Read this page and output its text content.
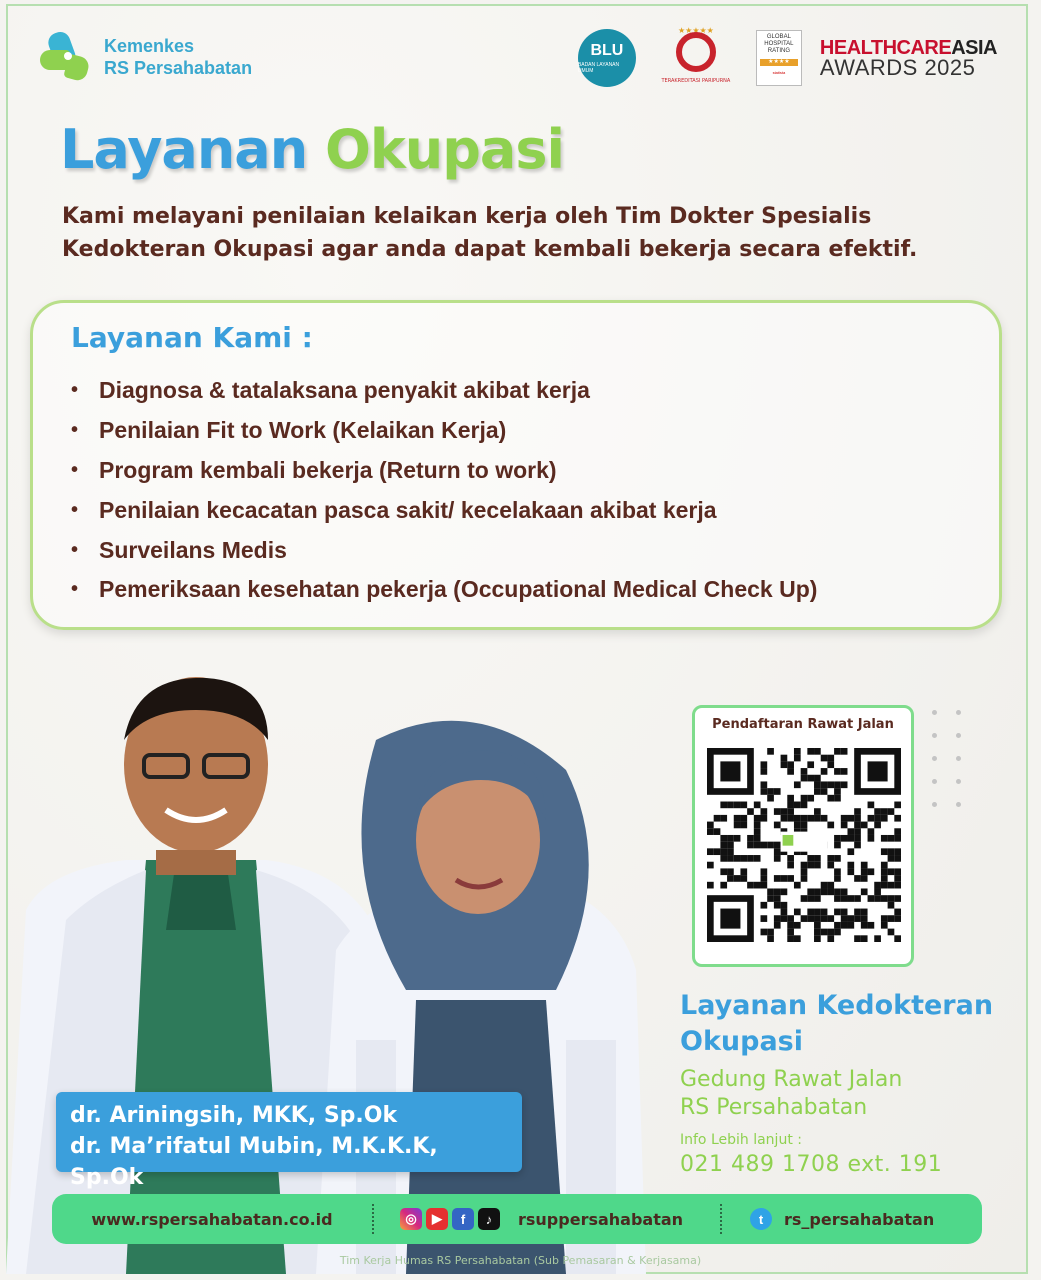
Kemenkes
RS Persahabatan
BLU
BADAN LAYANAN UMUM
★★★★★
TERAKREDITASI PARIPURNA
GLOBAL
HOSPITAL
RATING
★★★★
statista
HEALTHCAREASIA
AWARDS 2025
Layanan Okupasi
Kami melayani penilaian kelaikan kerja oleh Tim Dokter Spesialis Kedokteran Okupasi agar anda dapat kembali bekerja secara efektif.
Layanan Kami :
• Diagnosa & tatalaksana penyakit akibat kerja
• Penilaian Fit to Work (Kelaikan Kerja)
• Program kembali bekerja (Return to work)
• Penilaian kecacatan pasca sakit/ kecelakaan akibat kerja
• Surveilans Medis
• Pemeriksaan kesehatan pekerja (Occupational Medical Check Up)
dr. Ariningsih, MKK, Sp.Ok
dr. Ma’rifatul Mubin, M.K.K.K, Sp.Ok
Pendaftaran Rawat Jalan
Layanan Kedokteran
Okupasi
Gedung Rawat Jalan
RS Persahabatan
Info Lebih lanjut :
021 489 1708 ext. 191
www.rspersahabatan.co.id	◎	▶	f	♪	rsuppersahabatan	t	rs_persahabatan
Tim Kerja Humas RS Persahabatan (Sub Pemasaran & Kerjasama)
